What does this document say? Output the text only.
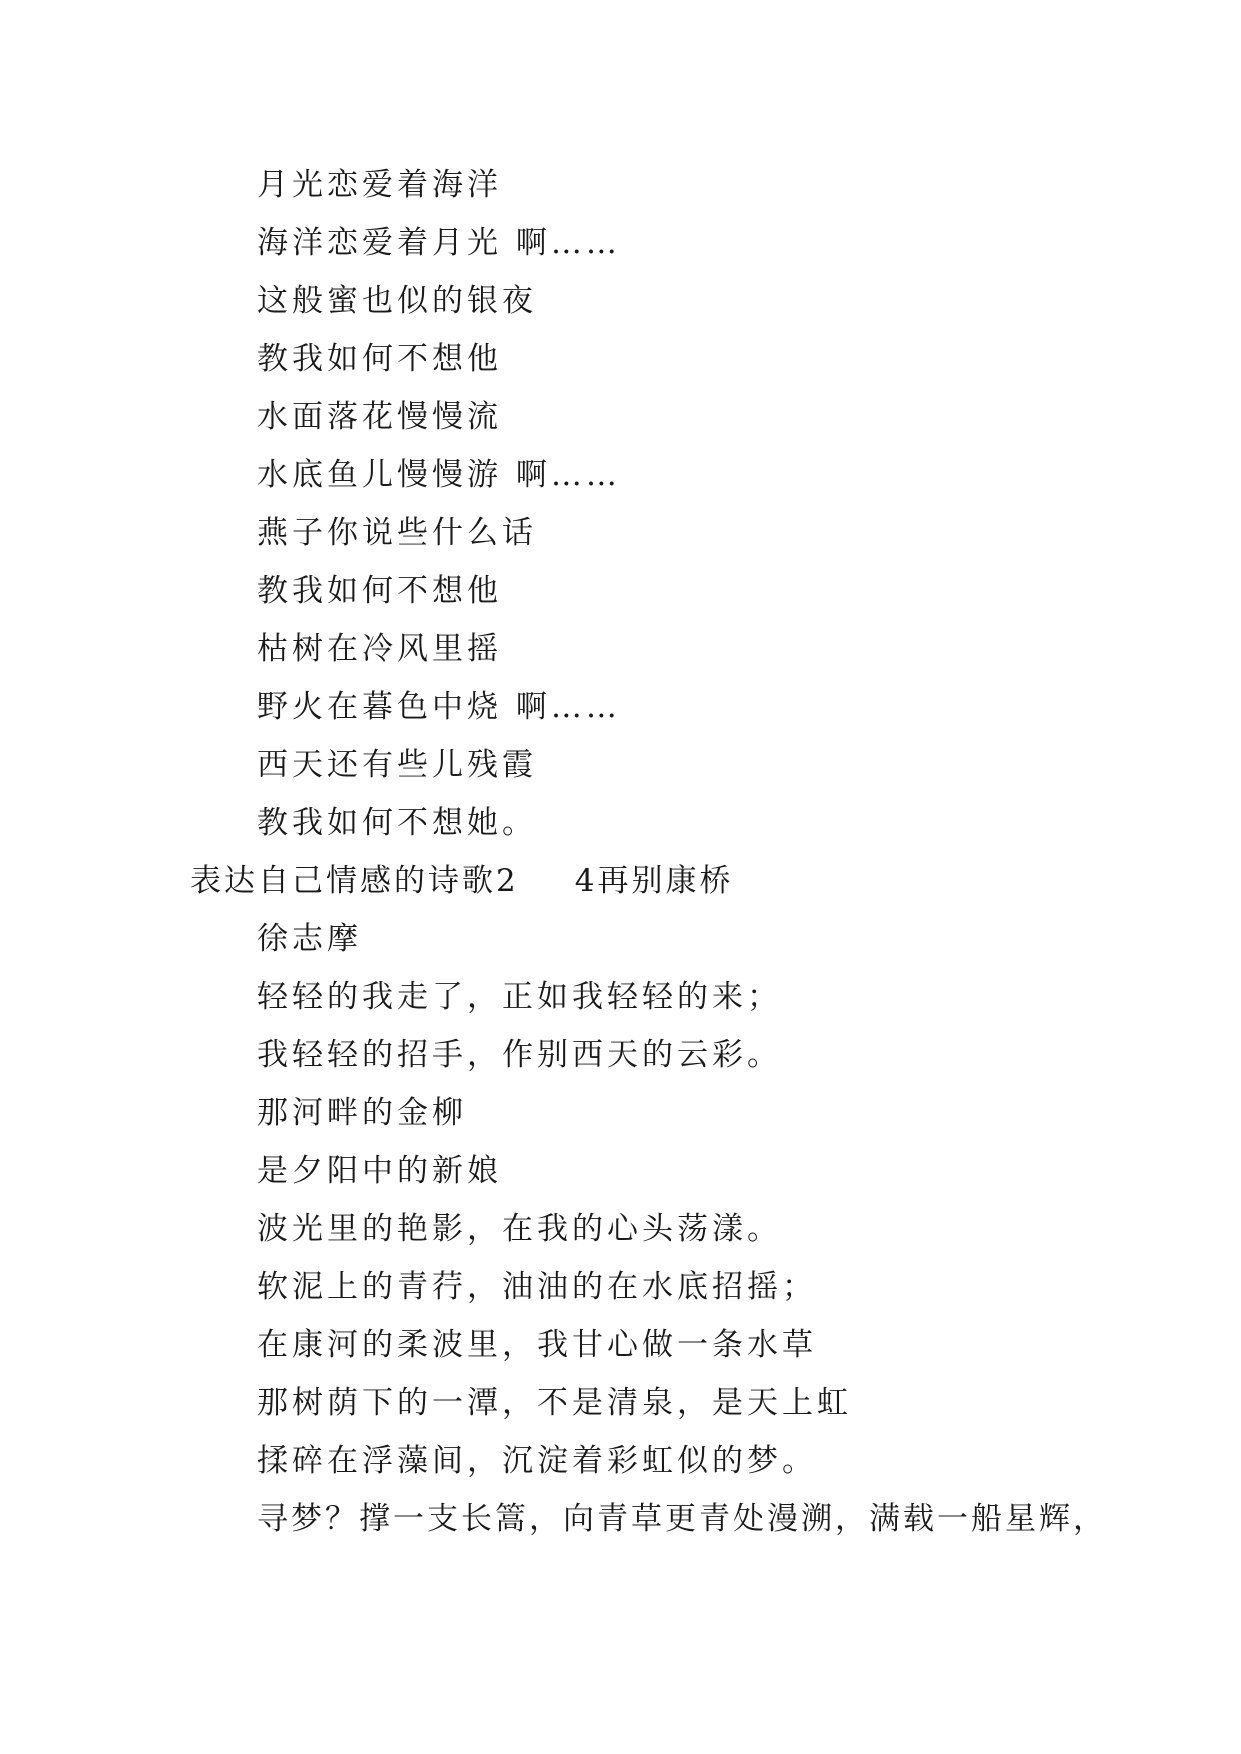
月光恋爱着海洋
海洋恋爱着月光 啊……
这般蜜也似的银夜
教我如何不想他
水面落花慢慢流
水底鱼儿慢慢游 啊……
燕子你说些什么话
教我如何不想他
枯树在冷风里摇
野火在暮色中烧 啊……
西天还有些儿残霞
教我如何不想她。
表达自己情感的诗歌2 4再别康桥
徐志摩
轻轻的我走了，正如我轻轻的来；
我轻轻的招手，作别西天的云彩。
那河畔的金柳
是夕阳中的新娘
波光里的艳影，在我的心头荡漾。
软泥上的青荇，油油的在水底招摇；
在康河的柔波里，我甘心做一条水草
那树荫下的一潭，不是清泉，是天上虹
揉碎在浮藻间，沉淀着彩虹似的梦。
寻梦？撑一支长篙，向青草更青处漫溯，满载一船星辉，
